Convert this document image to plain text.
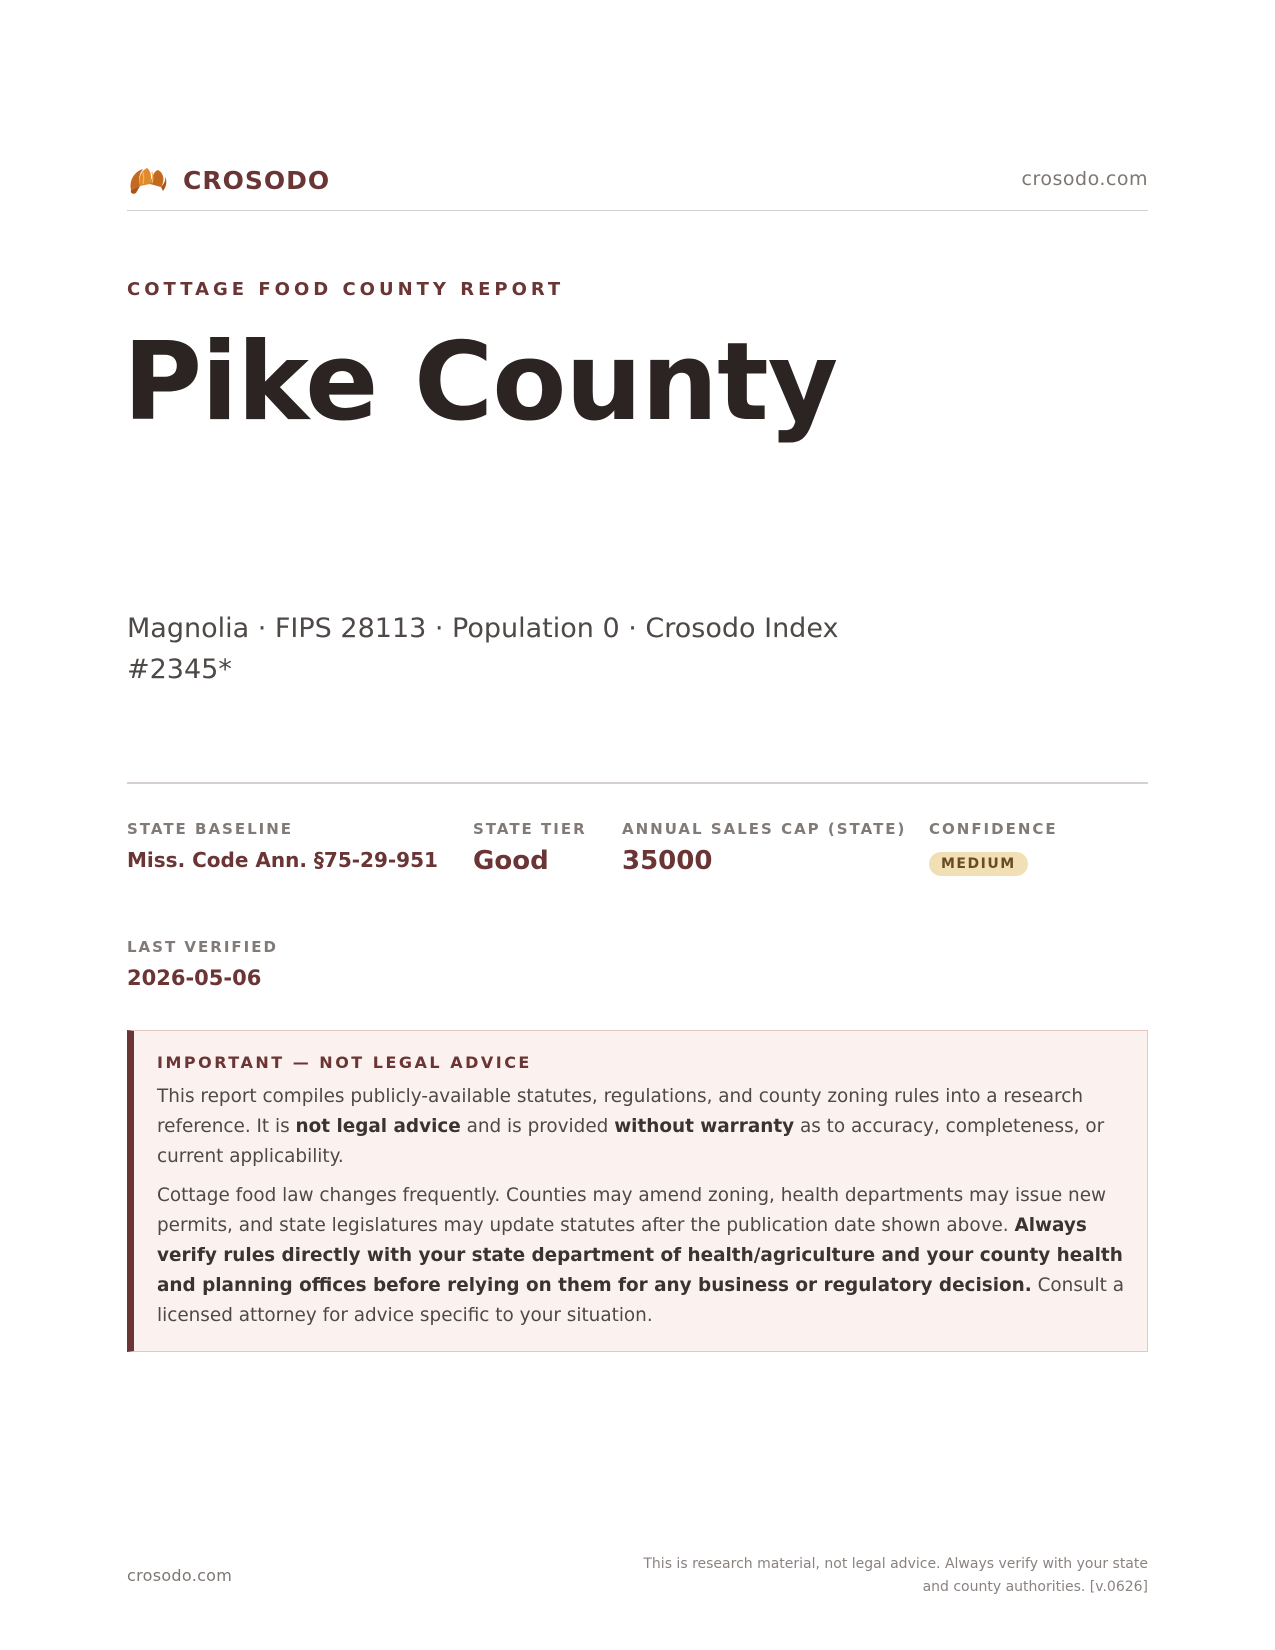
CROSODO	crosodo.com
COTTAGE FOOD COUNTY REPORT
Pike County
Magnolia · FIPS 28113 · Population 0 · Crosodo Index #2345*
STATE BASELINE
Miss. Code Ann. §75-29-951
STATE TIER
Good
ANNUAL SALES CAP (STATE)
35000
CONFIDENCE
MEDIUM
LAST VERIFIED
2026-05-06
IMPORTANT — NOT LEGAL ADVICE

This report compiles publicly-available statutes, regulations, and county zoning rules into a research reference. It is not legal advice and is provided without warranty as to accuracy, completeness, or current applicability.

Cottage food law changes frequently. Counties may amend zoning, health departments may issue new permits, and state legislatures may update statutes after the publication date shown above. Always verify rules directly with your state department of health/agriculture and your county health and planning offices before relying on them for any business or regulatory decision. Consult a licensed attorney for advice specific to your situation.

crosodo.com
This is research material, not legal advice. Always verify with your state and county authorities. [v.0626]
